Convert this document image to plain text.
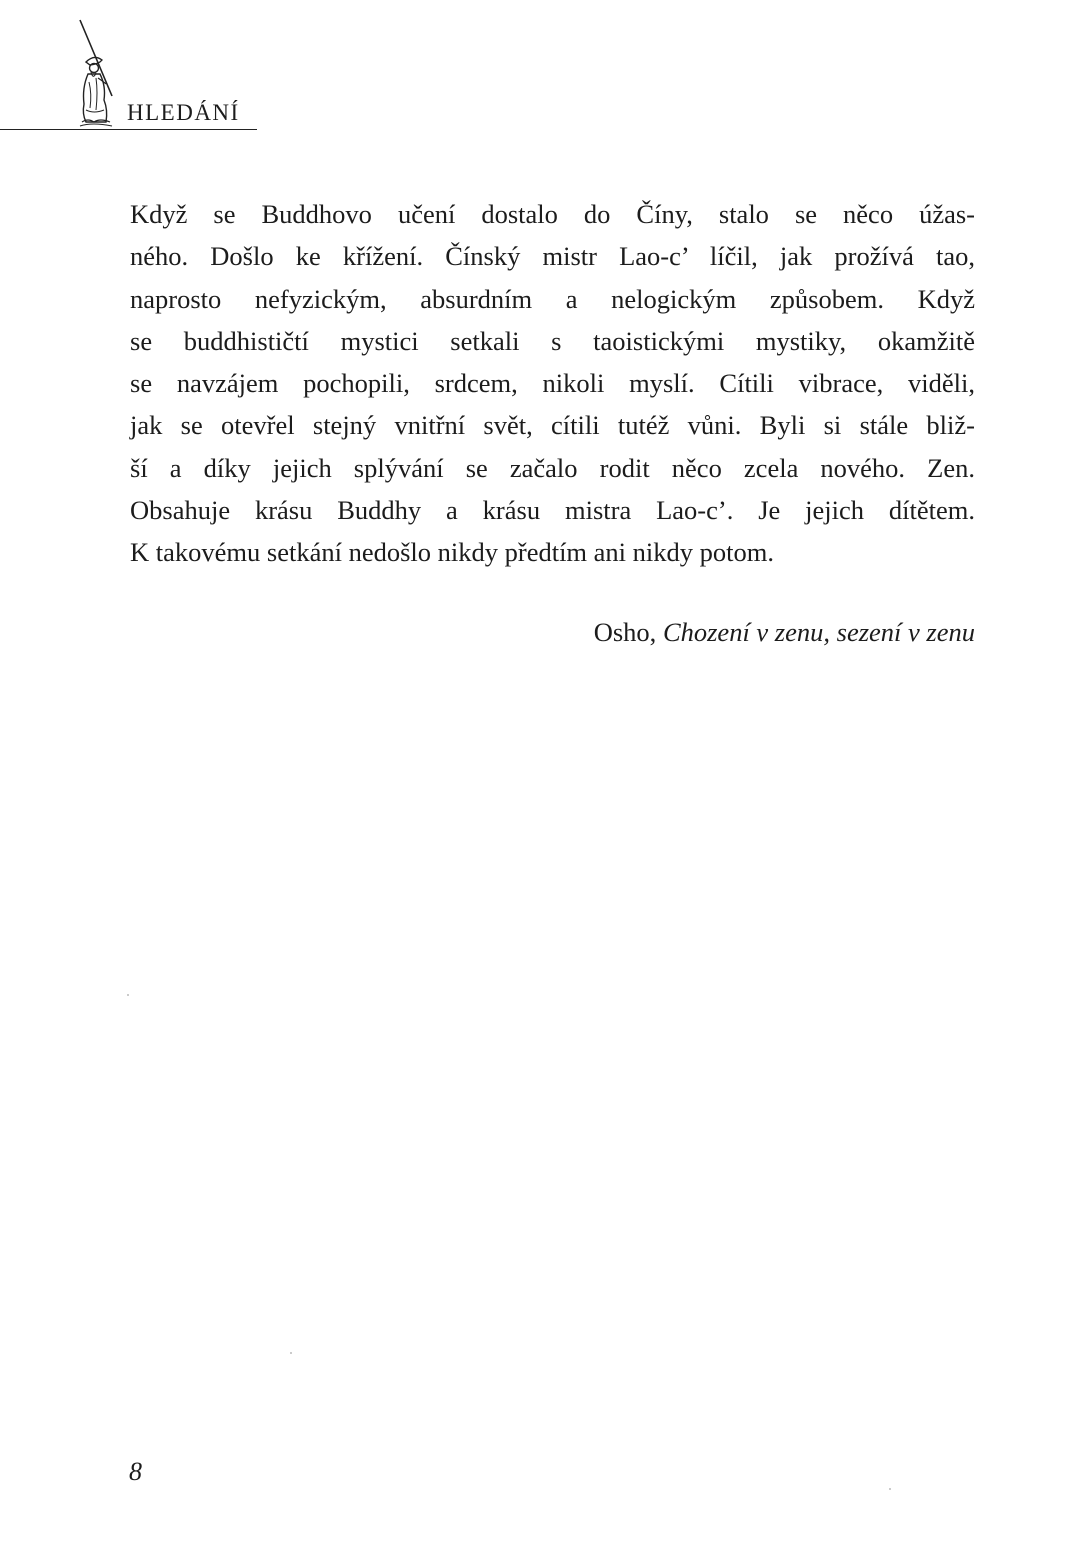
HLEDÁNÍ
Když se Buddhovo učení dostalo do Číny, stalo se něco úžas-
ného. Došlo ke křížení. Čínský mistr Lao-c’ líčil, jak prožívá tao,
naprosto nefyzickým, absurdním a nelogickým způsobem. Když
se buddhističtí mystici setkali s taoistickými mystiky, okamžitě
se navzájem pochopili, srdcem, nikoli myslí. Cítili vibrace, viděli,
jak se otevřel stejný vnitřní svět, cítili tutéž vůni. Byli si stále bliž-
ší a díky jejich splývání se začalo rodit něco zcela nového. Zen.
Obsahuje krásu Buddhy a krásu mistra Lao-c’. Je jejich dítětem.
K takovému setkání nedošlo nikdy předtím ani nikdy potom.
Osho, Chození v zenu, sezení v zenu
8
